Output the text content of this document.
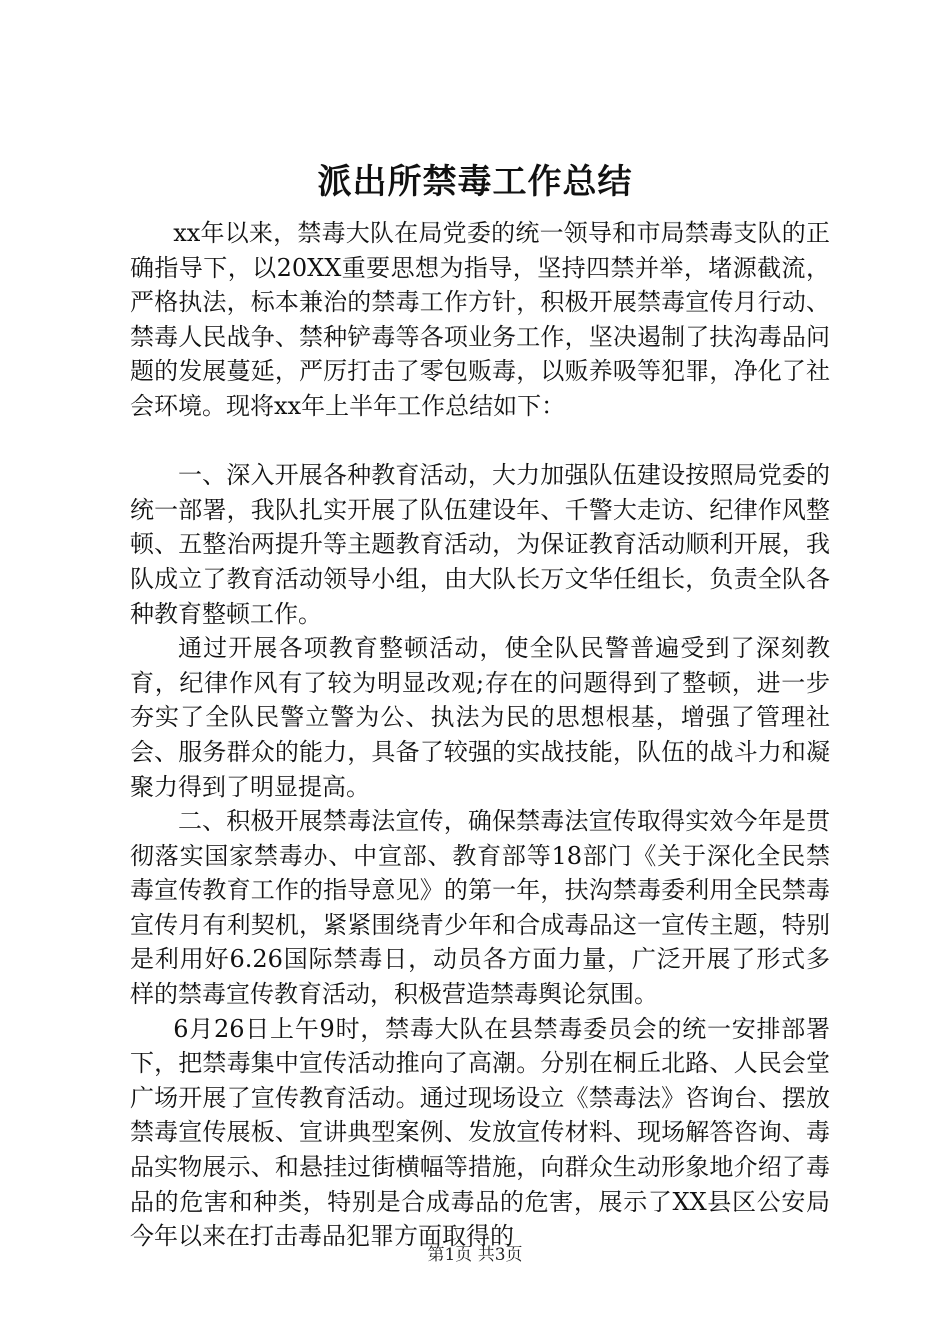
派出所禁毒工作总结

xx年以来，禁毒大队在局党委的统一领导和市局禁毒支队的正确指导下，以20XX重要思想为指导，坚持四禁并举，堵源截流，严格执法，标本兼治的禁毒工作方针，积极开展禁毒宣传月行动、禁毒人民战争、禁种铲毒等各项业务工作，坚决遏制了扶沟毒品问题的发展蔓延，严厉打击了零包贩毒，以贩养吸等犯罪，净化了社会环境。现将xx年上半年工作总结如下：

一、深入开展各种教育活动，大力加强队伍建设按照局党委的统一部署，我队扎实开展了队伍建设年、千警大走访、纪律作风整顿、五整治两提升等主题教育活动，为保证教育活动顺利开展，我队成立了教育活动领导小组，由大队长万文华任组长，负责全队各种教育整顿工作。

通过开展各项教育整顿活动，使全队民警普遍受到了深刻教育，纪律作风有了较为明显改观;存在的问题得到了整顿，进一步夯实了全队民警立警为公、执法为民的思想根基，增强了管理社会、服务群众的能力，具备了较强的实战技能，队伍的战斗力和凝聚力得到了明显提高。

二、积极开展禁毒法宣传，确保禁毒法宣传取得实效今年是贯彻落实国家禁毒办、中宣部、教育部等18部门《关于深化全民禁毒宣传教育工作的指导意见》的第一年，扶沟禁毒委利用全民禁毒宣传月有利契机，紧紧围绕青少年和合成毒品这一宣传主题，特别是利用好6.26国际禁毒日，动员各方面力量，广泛开展了形式多样的禁毒宣传教育活动，积极营造禁毒舆论氛围。

6月26日上午9时，禁毒大队在县禁毒委员会的统一安排部署下，把禁毒集中宣传活动推向了高潮。分别在桐丘北路、人民会堂广场开展了宣传教育活动。通过现场设立《禁毒法》咨询台、摆放禁毒宣传展板、宣讲典型案例、发放宣传材料、现场解答咨询、毒品实物展示、和悬挂过街横幅等措施，向群众生动形象地介绍了毒品的危害和种类，特别是合成毒品的危害，展示了XX县区公安局今年以来在打击毒品犯罪方面取得的

第1页 共3页
